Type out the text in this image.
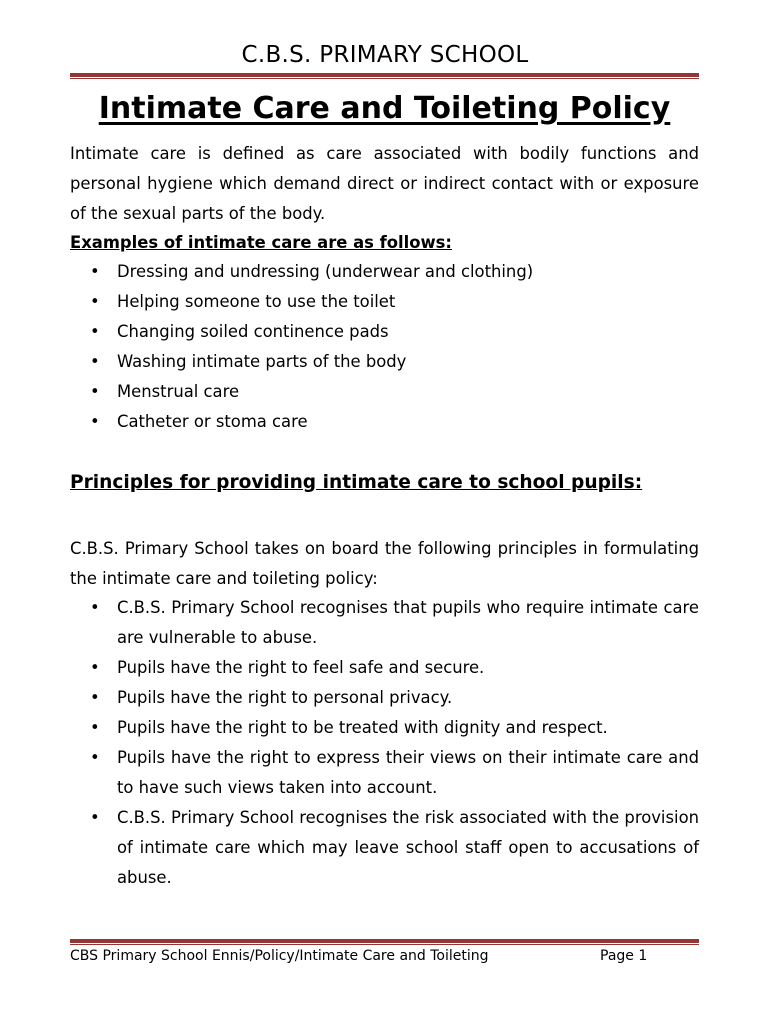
C.B.S. PRIMARY SCHOOL
Intimate Care and Toileting Policy

Intimate care is defined as care associated with bodily functions and personal hygiene which demand direct or indirect contact with or exposure of the sexual parts of the body.

Examples of intimate care are as follows:
•	Dressing and undressing (underwear and clothing)
•	Helping someone to use the toilet
•	Changing soiled continence pads
•	Washing intimate parts of the body
•	Menstrual care
•	Catheter or stoma care
Principles for providing intimate care to school pupils:

C.B.S. Primary School takes on board the following principles in formulating the intimate care and toileting policy:

•	C.B.S. Primary School recognises that pupils who require intimate care are vulnerable to abuse.
•	Pupils have the right to feel safe and secure.
•	Pupils have the right to personal privacy.
•	Pupils have the right to be treated with dignity and respect.
•	Pupils have the right to express their views on their intimate care and to have such views taken into account.
•	C.B.S. Primary School recognises the risk associated with the provision of intimate care which may leave school staff open to accusations of abuse.
CBS Primary School Ennis/Policy/Intimate Care and Toileting	Page 1
